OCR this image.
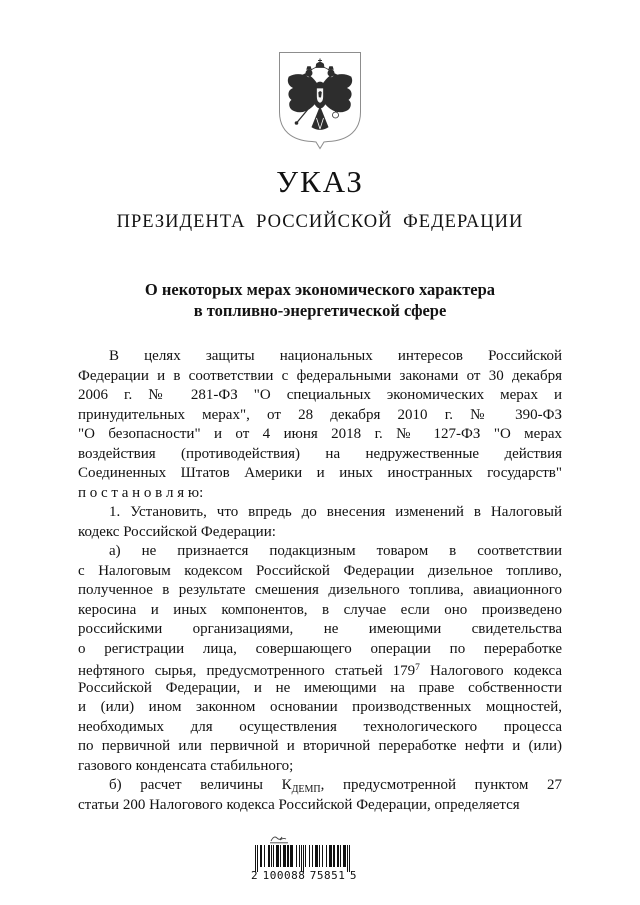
УКАЗ
ПРЕЗИДЕНТА РОССИЙСКОЙ ФЕДЕРАЦИИ
О некоторых мерах экономического характера
в топливно-энергетической сфере
В целях защиты национальных интересов Российской
Федерации и в соответствии с федеральными законами от 30 декабря
2006 г. № 281-ФЗ "О специальных экономических мерах и
принудительных мерах", от 28 декабря 2010 г. № 390-ФЗ
"О безопасности" и от 4 июня 2018 г. № 127-ФЗ "О мерах
воздействия (противодействия) на недружественные действия
Соединенных Штатов Америки и иных иностранных государств"
п о с т а н о в л я ю:
1. Установить, что впредь до внесения изменений в Налоговый
кодекс Российской Федерации:
а) не признается подакцизным товаром в соответствии
с Налоговым кодексом Российской Федерации дизельное топливо,
полученное в результате смешения дизельного топлива, авиационного
керосина и иных компонентов, в случае если оно произведено
российскими организациями, не имеющими свидетельства
о регистрации лица, совершающего операции по переработке
нефтяного сырья, предусмотренного статьей $179^7$ Налогового кодекса
Российской Федерации, и не имеющими на праве собственности
и (или) ином законном основании производственных мощностей,
необходимых для осуществления технологического процесса
по первичной или первичной и вторичной переработке нефти и (или)
газового конденсата стабильного;
б) расчет величины $К_{ДЕМП}$, предусмотренной пунктом 27
статьи 200 Налогового кодекса Российской Федерации, определяется
2 100088 75851 5
